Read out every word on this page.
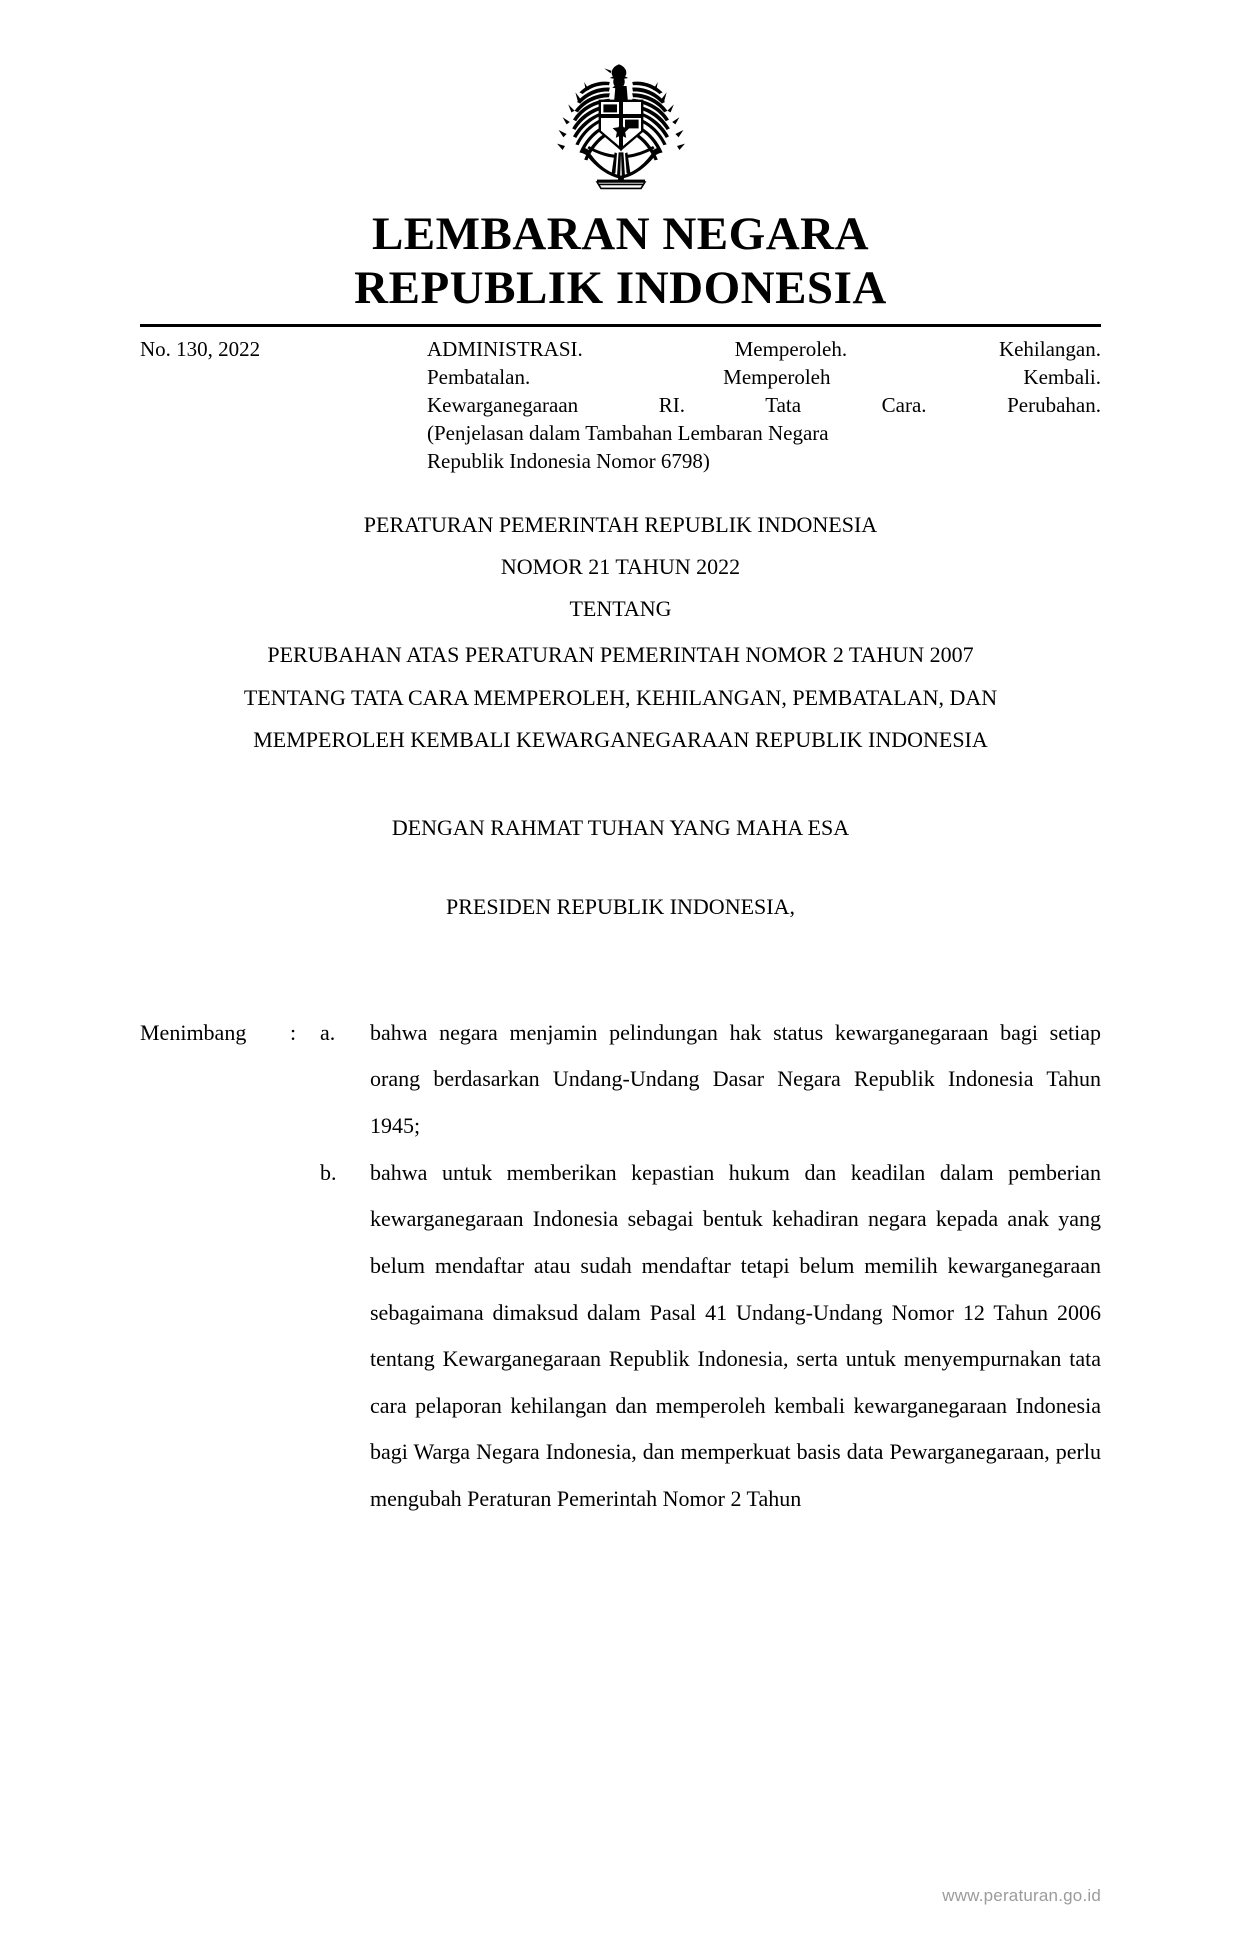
LEMBARAN NEGARA
REPUBLIK INDONESIA
No. 130, 2022	ADMINISTRASI. Memperoleh. Kehilangan.

Pembatalan. Memperoleh Kembali.

Kewarganegaraan RI. Tata Cara. Perubahan.

(Penjelasan dalam Tambahan Lembaran Negara

Republik Indonesia Nomor 6798)

PERATURAN PEMERINTAH REPUBLIK INDONESIA
NOMOR 21 TAHUN 2022
TENTANG
PERUBAHAN ATAS PERATURAN PEMERINTAH NOMOR 2 TAHUN 2007
TENTANG TATA CARA MEMPEROLEH, KEHILANGAN, PEMBATALAN, DAN
MEMPEROLEH KEMBALI KEWARGANEGARAAN REPUBLIK INDONESIA
DENGAN RAHMAT TUHAN YANG MAHA ESA
PRESIDEN REPUBLIK INDONESIA,
Menimbang	:	a.	bahwa negara menjamin pelindungan hak status kewarganegaraan bagi setiap orang berdasarkan Undang-Undang Dasar Negara Republik Indonesia Tahun 1945;
b.	bahwa untuk memberikan kepastian hukum dan keadilan dalam pemberian kewarganegaraan Indonesia sebagai bentuk kehadiran negara kepada anak yang belum mendaftar atau sudah mendaftar tetapi belum memilih kewarganegaraan sebagaimana dimaksud dalam Pasal 41 Undang-Undang Nomor 12 Tahun 2006 tentang Kewarganegaraan Republik Indonesia, serta untuk menyempurnakan tata cara pelaporan kehilangan dan memperoleh kembali kewarganegaraan Indonesia bagi Warga Negara Indonesia, dan memperkuat basis data Pewarganegaraan, perlu mengubah Peraturan Pemerintah Nomor 2 Tahun
www.peraturan.go.id
